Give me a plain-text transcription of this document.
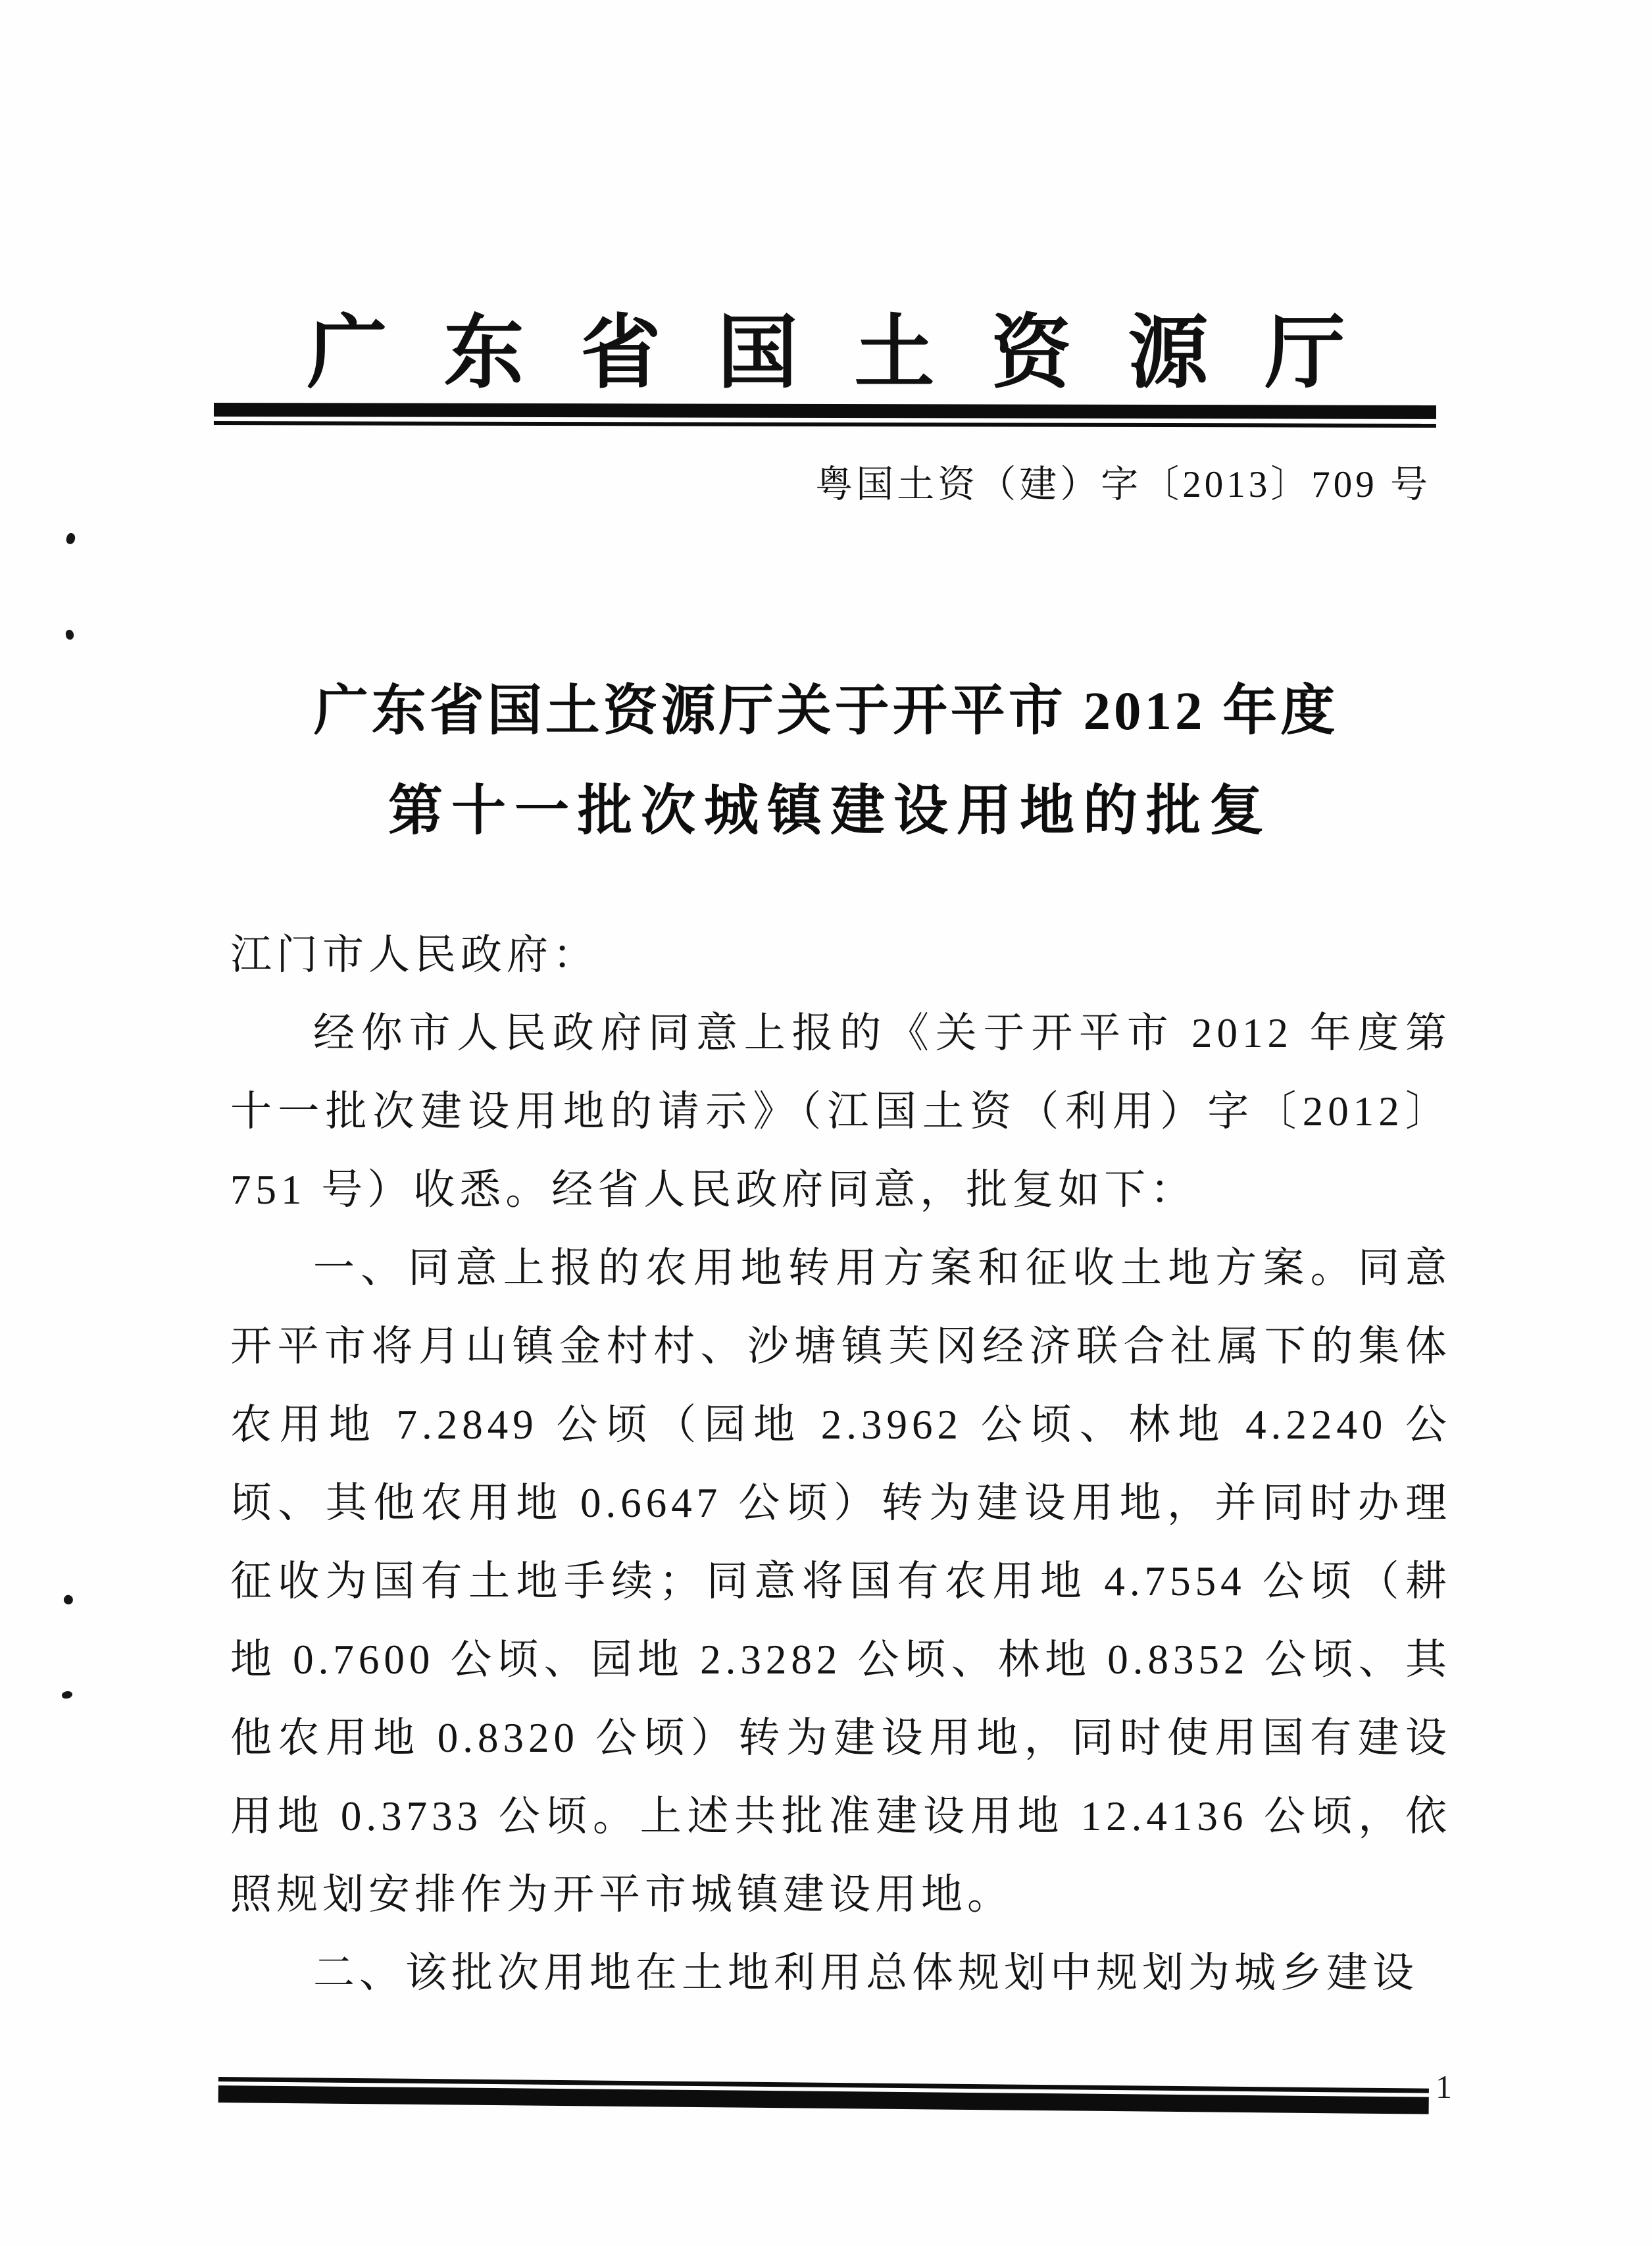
广东省国土资源厅
粤国土资（建）字〔2013〕709 号
广东省国土资源厅关于开平市 2012 年度
第十一批次城镇建设用地的批复

江门市人民政府：

经你市人民政府同意上报的《关于开平市 2012 年度第十一批次建设用地的请示》（江国土资（利用）字〔2012〕751 号）收悉。经省人民政府同意，批复如下：

一、同意上报的农用地转用方案和征收土地方案。同意开平市将月山镇金村村、沙塘镇芙冈经济联合社属下的集体农用地 7.2849 公顷（园地 2.3962 公顷、林地 4.2240 公顷、其他农用地 0.6647 公顷）转为建设用地，并同时办理征收为国有土地手续；同意将国有农用地 4.7554 公顷（耕地 0.7600 公顷、园地 2.3282 公顷、林地 0.8352 公顷、其他农用地 0.8320 公顷）转为建设用地，同时使用国有建设用地 0.3733 公顷。上述共批准建设用地 12.4136 公顷，依照规划安排作为开平市城镇建设用地。

二、该批次用地在土地利用总体规划中规划为城乡建设

1
